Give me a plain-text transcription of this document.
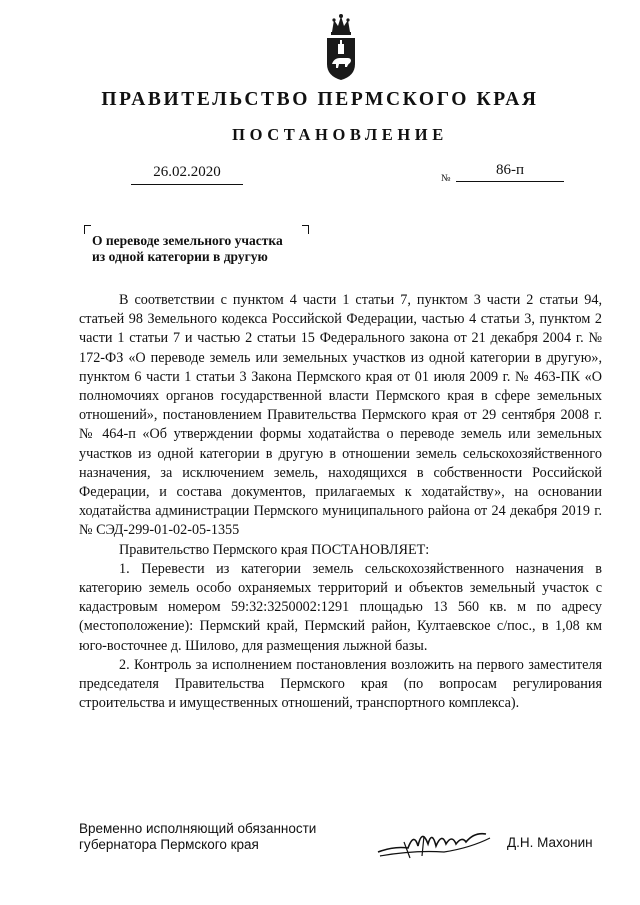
ПРАВИТЕЛЬСТВО ПЕРМСКОГО КРАЯ
ПОСТАНОВЛЕНИЕ
26.02.2020	№
86-п
О переводе земельного участка
из одной категории в другую

В соответствии с пунктом 4 части 1 статьи 7, пунктом 3 части 2 статьи 94, статьей 98 Земельного кодекса Российской Федерации, частью 4 статьи 3, пунктом 2 части 1 статьи 7 и частью 2 статьи 15 Федерального закона от 21 декабря 2004 г. № 172-ФЗ «О переводе земель или земельных участков из одной категории в другую», пунктом 6 части 1 статьи 3 Закона Пермского края от 01 июля 2009 г. № 463-ПК «О полномочиях органов государственной власти Пермского края в сфере земельных отношений», постановлением Правительства Пермского края от 29 сентября 2008 г. № 464-п «Об утверждении формы ходатайства о переводе земель или земельных участков из одной категории в другую в отношении земель сельскохозяйственного назначения, за исключением земель, находящихся в собственности Российской Федерации, и состава документов, прилагаемых к ходатайству», на основании ходатайства администрации Пермского муниципального района от 24 декабря 2019 г. № СЭД-299-01-02-05-1355

Правительство Пермского края ПОСТАНОВЛЯЕТ:

1. Перевести из категории земель сельскохозяйственного назначения в категорию земель особо охраняемых территорий и объектов земельный участок с кадастровым номером 59:32:3250002:1291 площадью 13 560 кв. м по адресу (местоположение): Пермский край, Пермский район, Култаевское с/пос., в 1,08 км юго-восточнее д. Шилово, для размещения лыжной базы.

2. Контроль за исполнением постановления возложить на первого заместителя председателя Правительства Пермского края (по вопросам регулирования строительства и имущественных отношений, транспортного комплекса).

Временно исполняющий обязанности
губернатора Пермского края	Д.Н. Махонин
